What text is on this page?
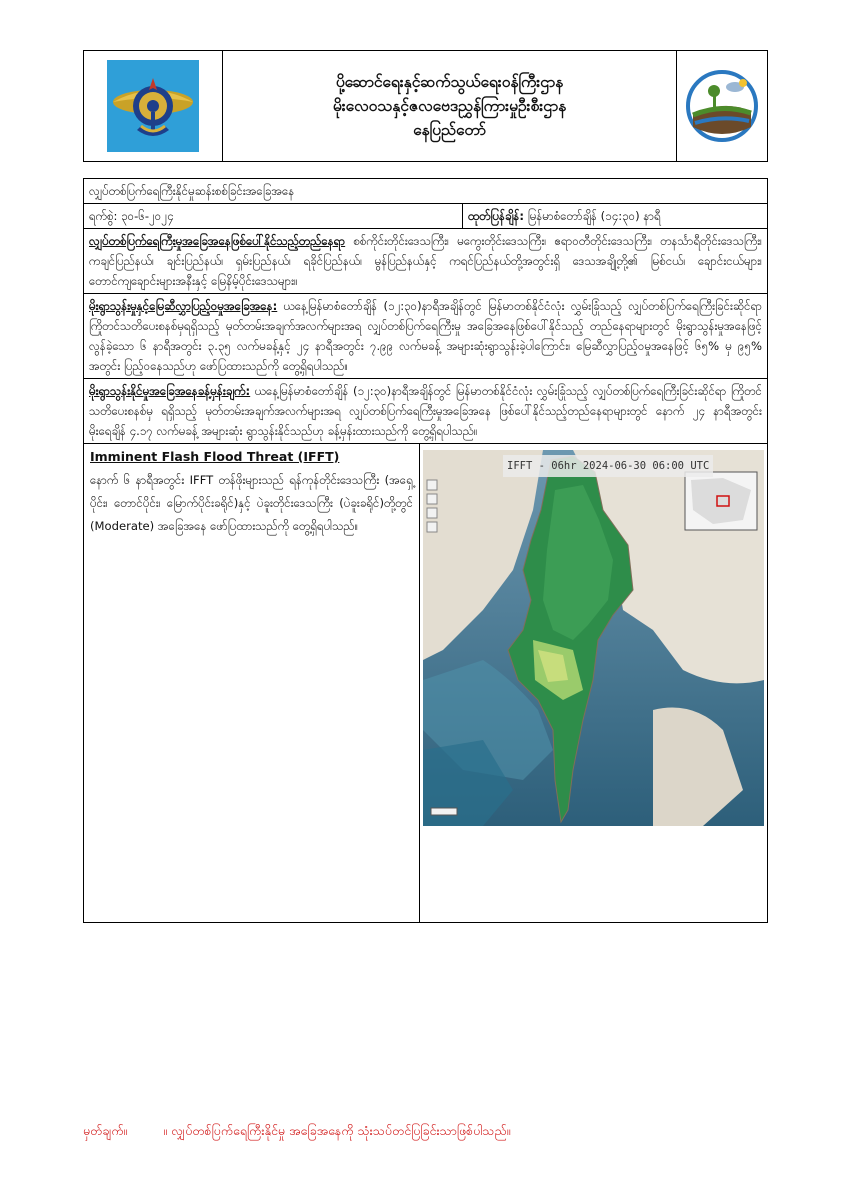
ပို့ဆောင်ရေးနှင့်ဆက်သွယ်ရေးဝန်ကြီးဌာန
မိုးလေဝသနှင့်ဇလဗေဒညွှန်ကြားမှုဦးစီးဌာန
နေပြည်တော်
လျှပ်တစ်ပြက်ရေကြီးနိုင်မှုဆန်းစစ်ခြင်းအခြေအနေ
ရက်စွဲ: ၃၀-၆-၂၀၂၄	ထုတ်ပြန်ချိန်: မြန်မာစံတော်ချိန် (၁၄:၃၀) နာရီ
လျှပ်တစ်ပြက်ရေကြီးမှုအခြေအနေဖြစ်ပေါ်နိုင်သည့်တည်နေရာ စစ်ကိုင်းတိုင်းဒေသကြီး၊ မကွေးတိုင်းဒေသကြီး၊ ဧရာဝတီတိုင်းဒေသကြီး၊ တနင်္သာရီတိုင်းဒေသကြီး၊ ကချင်ပြည်နယ်၊ ချင်းပြည်နယ်၊ ရှမ်းပြည်နယ်၊ ရခိုင်ပြည်နယ်၊ မွန်ပြည်နယ်နှင့် ကရင်ပြည်နယ်တို့အတွင်းရှိ ဒေသအချို့တို့၏ မြစ်ငယ်၊ ချောင်းငယ်များ၊ တောင်ကျချောင်းများအနီးနှင့် မြေနိမ့်ပိုင်းဒေသများ။
မိုးရွာသွန်းမှုနှင့်မြေဆီလွှာပြည့်ဝမှုအခြေအနေ: ယနေ့မြန်မာစံတော်ချိန် (၁၂:၃၀)နာရီအချိန်တွင် မြန်မာတစ်နိုင်ငံလုံး လွှမ်းခြုံသည့် လျှပ်တစ်ပြက်ရေကြီးခြင်းဆိုင်ရာ ကြိုတင်သတိပေးစနစ်မှရရှိသည့် မုတ်တမ်းအချက်အလက်များအရ လျှပ်တစ်ပြက်ရေကြီးမှု အခြေအနေဖြစ်ပေါ်နိုင်သည့် တည်နေရာများတွင် မိုးရွာသွန်းမှုအနေဖြင့် လွန်ခဲ့သော ၆ နာရီအတွင်း ၃.၃၅ လက်မခန့်နှင့် ၂၄ နာရီအတွင်း ၇.၉၉ လက်မခန့် အများဆုံးရွာသွန်းခဲ့ပါကြောင်း၊ မြေဆီလွှာပြည့်ဝမှုအနေဖြင့် ၆၅% မှ ၉၅% အတွင်း ပြည့်ဝနေသည်ဟု ဖော်ပြထားသည်ကို တွေ့ရှိရပါသည်။
မိုးရွာသွန်းနိုင်မှုအခြေအနေခန့်မှန်းချက်: ယနေ့မြန်မာစံတော်ချိန် (၁၂:၃၀)နာရီအချိန်တွင် မြန်မာတစ်နိုင်ငံလုံး လွှမ်းခြုံသည့် လျှပ်တစ်ပြက်ရေကြီးခြင်းဆိုင်ရာ ကြိုတင်သတိပေးစနစ်မှ ရရှိသည့် မုတ်တမ်းအချက်အလက်များအရ လျှပ်တစ်ပြက်ရေကြီးမှုအခြေအနေ ဖြစ်ပေါ်နိုင်သည့်တည်နေရာများတွင် နောက် ၂၄ နာရီအတွင်း မိုးရေချိန် ၄.၁၇ လက်မခန့် အများဆုံး ရွာသွန်းနိုင်သည်ဟု ခန့်မှန်းထားသည်ကို တွေ့ရှိရပါသည်။
Imminent Flash Flood Threat (IFFT)
နောက် ၆ နာရီအတွင်း IFFT တန်ဖိုးများသည် ရန်ကုန်တိုင်းဒေသကြီး (အရှေ့ပိုင်း၊ တောင်ပိုင်း၊ မြောက်ပိုင်းခရိုင်)နှင့် ပဲခူးတိုင်းဒေသကြီး (ပဲခူးခရိုင်)တို့တွင် (Moderate) အခြေအနေ ဖော်ပြထားသည်ကို တွေ့ရှိရပါသည်။
IFFT - 06hr 2024-06-30 06:00 UTC
မှတ်ချက်။	။ လျှပ်တစ်ပြက်ရေကြီးနိုင်မှု အခြေအနေကို သုံးသပ်တင်ပြခြင်းသာဖြစ်ပါသည်။
